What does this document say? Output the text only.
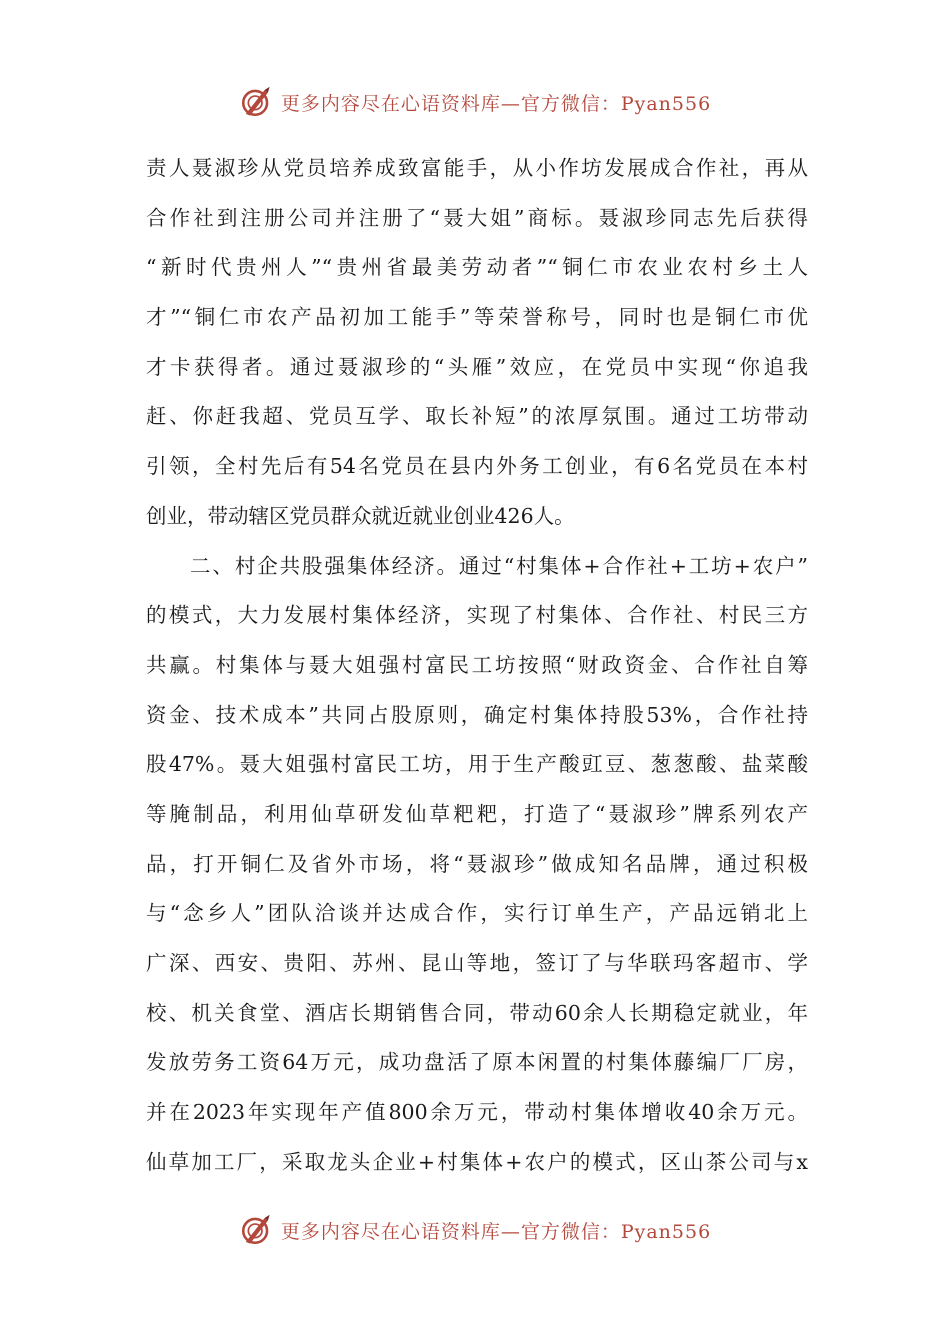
更多内容尽在心语资料库—官方微信：Pyan556
责人聂淑珍从党员培养成致富能手，从小作坊发展成合作社，再从
合作社到注册公司并注册了“聂大姐”商标。聂淑珍同志先后获得
“新时代贵州人”“贵州省最美劳动者”“铜仁市农业农村乡土人
才”“铜仁市农产品初加工能手”等荣誉称号，同时也是铜仁市优
才卡获得者。通过聂淑珍的“头雁”效应，在党员中实现“你追我
赶、你赶我超、党员互学、取长补短”的浓厚氛围。通过工坊带动
引领，全村先后有54名党员在县内外务工创业，有6名党员在本村
创业，带动辖区党员群众就近就业创业426人。
二、村企共股强集体经济。通过“村集体+合作社+工坊+农户”
的模式，大力发展村集体经济，实现了村集体、合作社、村民三方
共赢。村集体与聂大姐强村富民工坊按照“财政资金、合作社自筹
资金、技术成本”共同占股原则，确定村集体持股53%，合作社持
股47%。聂大姐强村富民工坊，用于生产酸豇豆、葱葱酸、盐菜酸
等腌制品，利用仙草研发仙草粑粑，打造了“聂淑珍”牌系列农产
品，打开铜仁及省外市场，将“聂淑珍”做成知名品牌，通过积极
与“念乡人”团队洽谈并达成合作，实行订单生产，产品远销北上
广深、西安、贵阳、苏州、昆山等地，签订了与华联玛客超市、学
校、机关食堂、酒店长期销售合同，带动60余人长期稳定就业，年
发放劳务工资64万元，成功盘活了原本闲置的村集体藤编厂厂房，
并在2023年实现年产值800余万元，带动村集体增收40余万元。
仙草加工厂，采取龙头企业+村集体+农户的模式，区山茶公司与x
更多内容尽在心语资料库—官方微信：Pyan556
